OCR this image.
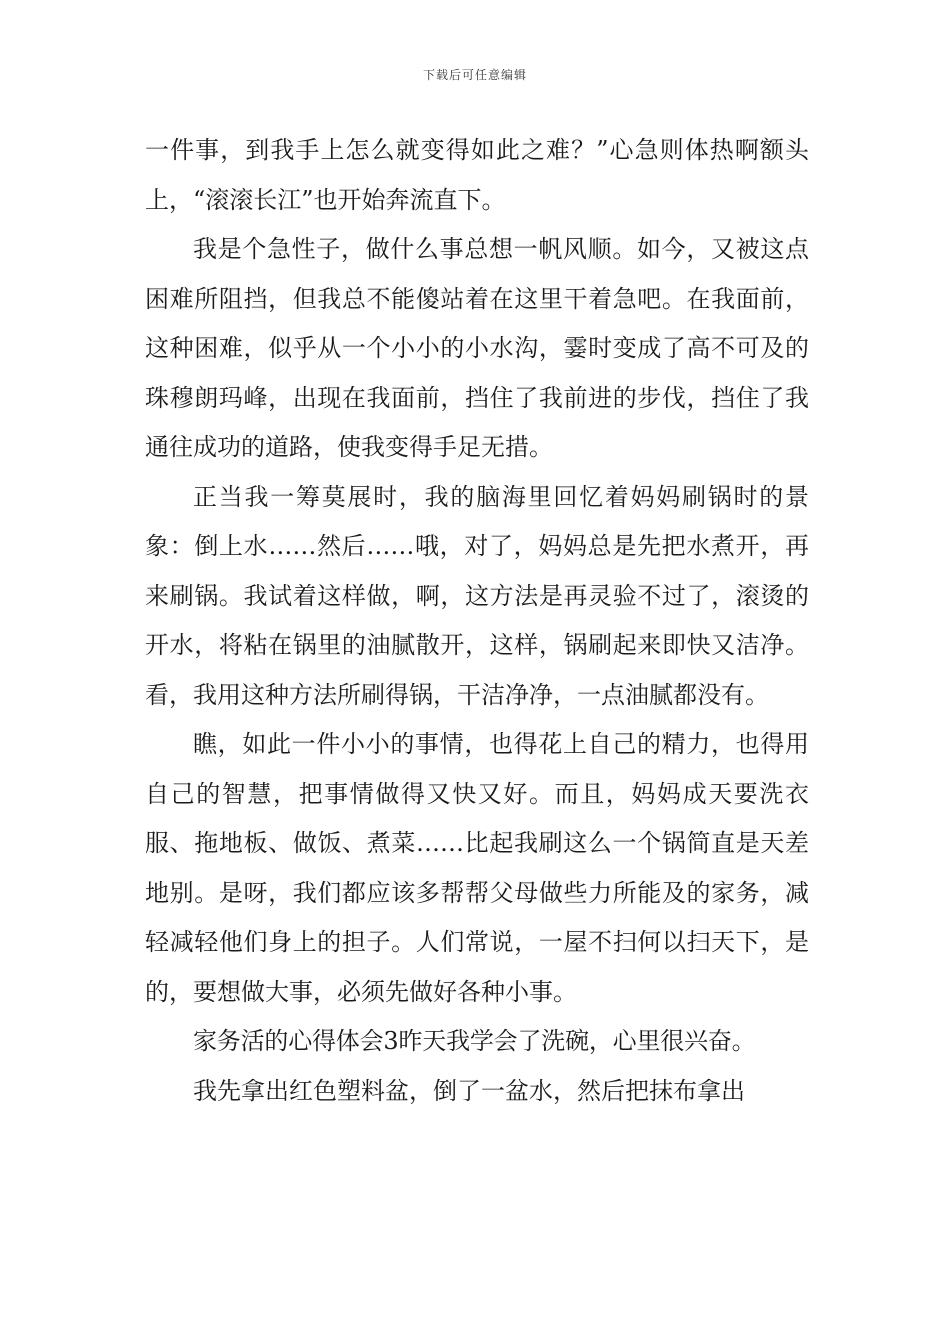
下载后可任意编辑

一件事，到我手上怎么就变得如此之难？”心急则体热啊额头上，“滚滚长江”也开始奔流直下。

我是个急性子，做什么事总想一帆风顺。如今，又被这点困难所阻挡，但我总不能傻站着在这里干着急吧。在我面前，这种困难，似乎从一个小小的小水沟，霎时变成了高不可及的珠穆朗玛峰，出现在我面前，挡住了我前进的步伐，挡住了我通往成功的道路，使我变得手足无措。

正当我一筹莫展时，我的脑海里回忆着妈妈刷锅时的景象：倒上水……然后……哦，对了，妈妈总是先把水煮开，再来刷锅。我试着这样做，啊，这方法是再灵验不过了，滚烫的开水，将粘在锅里的油腻散开，这样，锅刷起来即快又洁净。看，我用这种方法所刷得锅，干洁净净，一点油腻都没有。

瞧，如此一件小小的事情，也得花上自己的精力，也得用自己的智慧，把事情做得又快又好。而且，妈妈成天要洗衣服、拖地板、做饭、煮菜……比起我刷这么一个锅简直是天差地别。是呀，我们都应该多帮帮父母做些力所能及的家务，减轻减轻他们身上的担子。人们常说，一屋不扫何以扫天下，是的，要想做大事，必须先做好各种小事。

家务活的心得体会3昨天我学会了洗碗，心里很兴奋。

我先拿出红色塑料盆，倒了一盆水，然后把抹布拿出
